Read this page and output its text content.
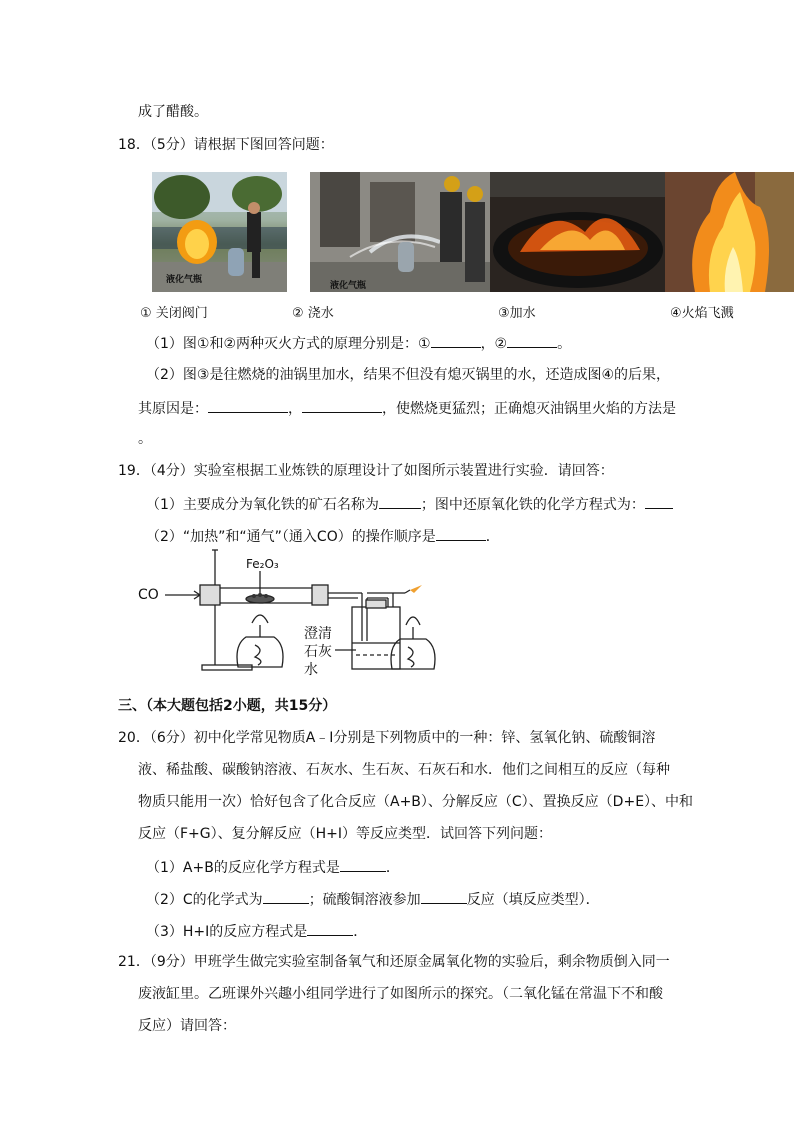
成了醋酸。
18．（5分）请根据下图回答问题：
液化气瓶
液化气瓶
① 关闭阀门	② 浇水	③加水	④火焰飞溅
（1）图①和②两种灭火方式的原理分别是：①	，②	。
（2）图③是往燃烧的油锅里加水，结果不但没有熄灭锅里的水，还造成图④的后果，
其原因是：	，	，使燃烧更猛烈；正确熄灭油锅里火焰的方法是
。
19．（4分）实验室根据工业炼铁的原理设计了如图所示装置进行实验．请回答：
（1）主要成分为氧化铁的矿石名称为	；图中还原氧化铁的化学方程式为：
（2）“加热”和“通气”（通入CO）的操作顺序是	．
CO
Fe₂O₃
澄清
石灰
水
三、（本大题包括2小题，共15分）
20．（6分）初中化学常见物质A﹣I分别是下列物质中的一种：锌、氢氧化钠、硫酸铜溶
液、稀盐酸、碳酸钠溶液、石灰水、生石灰、石灰石和水．他们之间相互的反应（每种
物质只能用一次）恰好包含了化合反应（A+B）、分解反应（C）、置换反应（D+E）、中和
反应（F+G）、复分解反应（H+I）等反应类型．试回答下列问题：
（1）A+B的反应化学方程式是	．
（2）C的化学式为	；硫酸铜溶液参加	反应（填反应类型）．
（3）H+I的反应方程式是	．
21．（9分）甲班学生做完实验室制备氧气和还原金属氧化物的实验后，剩余物质倒入同一
废液缸里。乙班课外兴趣小组同学进行了如图所示的探究。（二氧化锰在常温下不和酸
反应）请回答：
